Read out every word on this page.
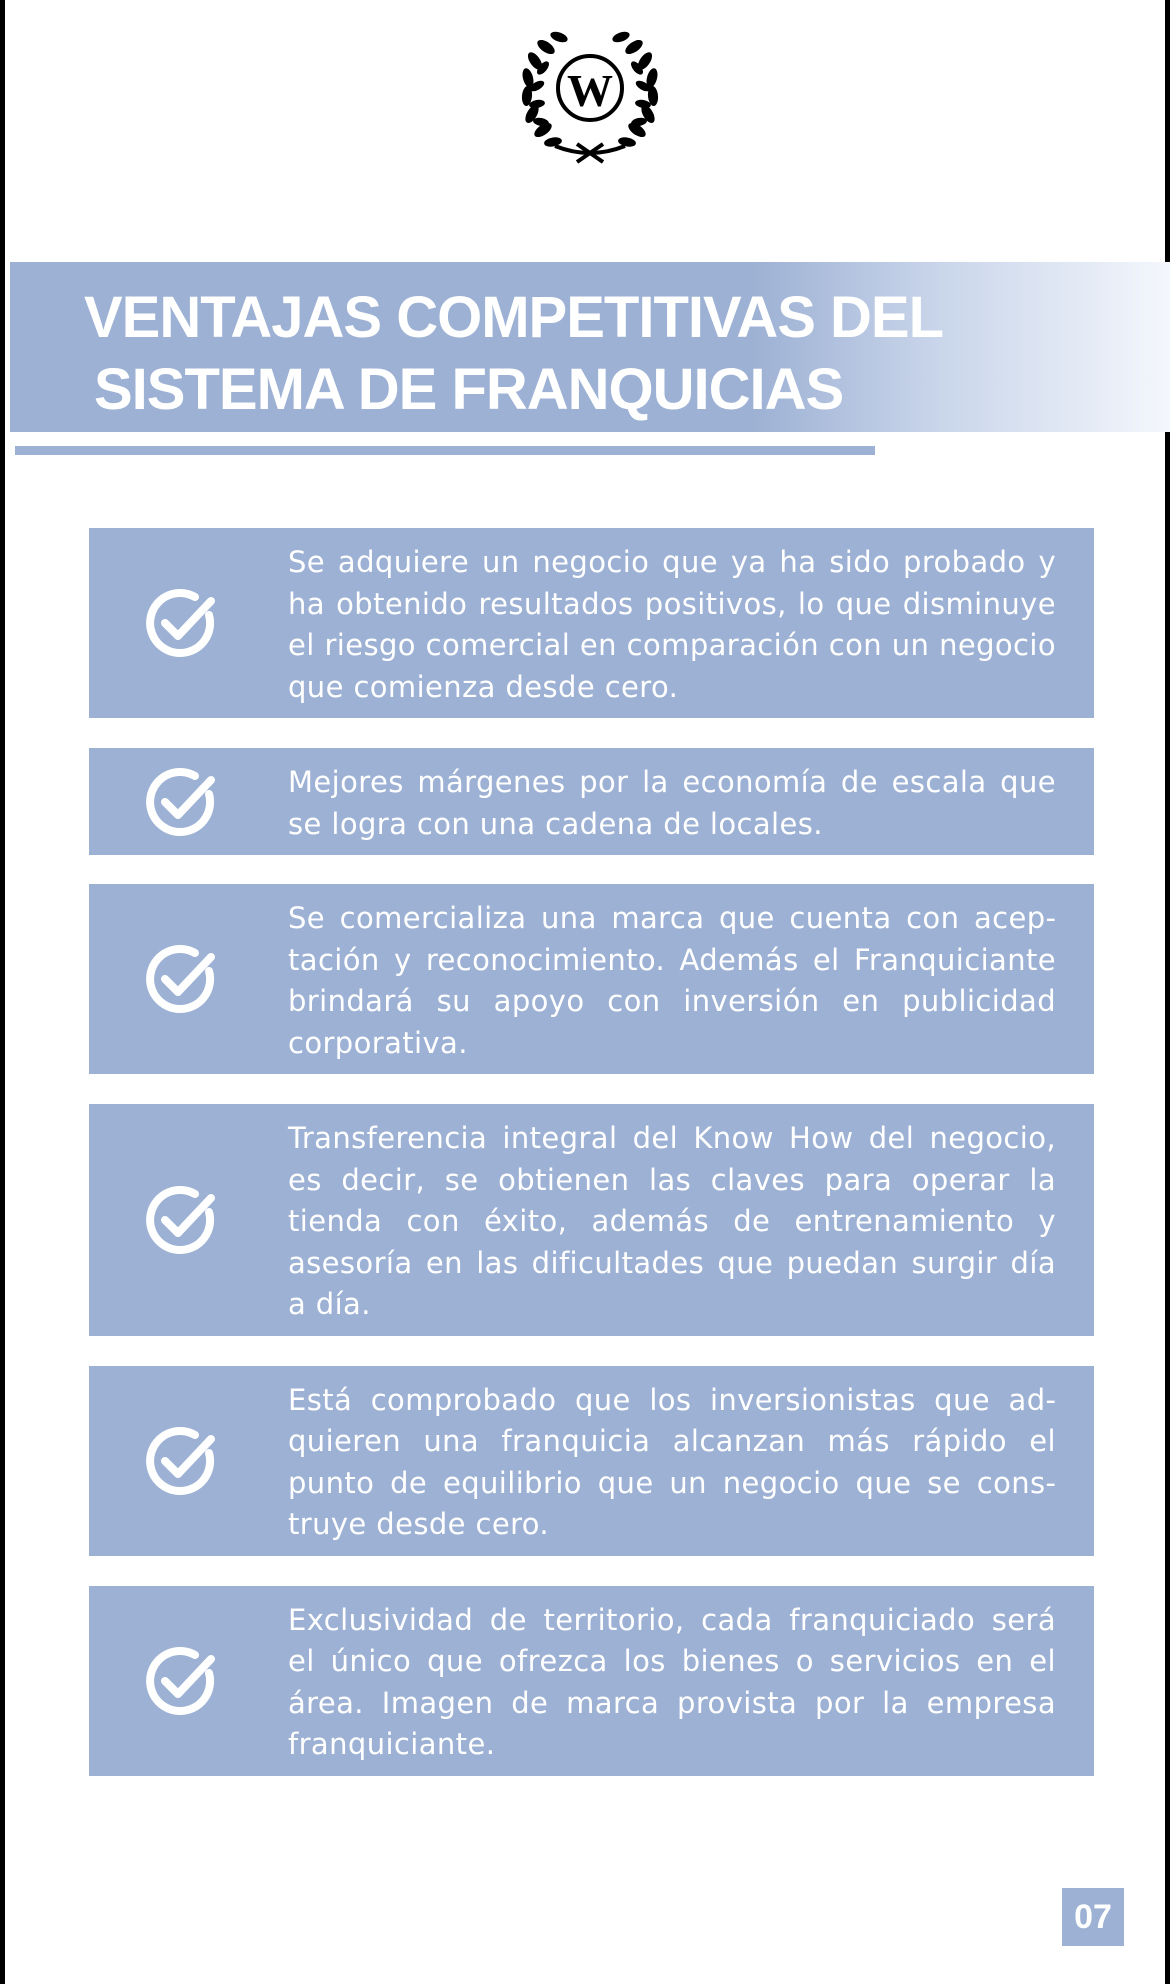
W
VENTAJAS COMPETITIVAS DEL
SISTEMA DE FRANQUICIAS
Se adquiere un negocio que ya ha sido probado y ha obtenido resultados positivos, lo que disminuye el riesgo comercial en comparación con un negocio que comienza desde cero.
Mejores márgenes por la economía de escala que se logra con una cadena de locales.
Se comercializa una marca que cuenta con aceptación y reconocimiento. Además el Franquiciante brindará su apoyo con inversión en publicidad corporativa.
Transferencia integral del Know How del negocio, es decir, se obtienen las claves para operar la tienda con éxito, además de entrenamiento y asesoría en las dificultades que puedan surgir día a día.
Está comprobado que los inversionistas que adquieren una franquicia alcanzan más rápido el punto de equilibrio que un negocio que se construye desde cero.
Exclusividad de territorio, cada franquiciado será el único que ofrezca los bienes o servicios en el área. Imagen de marca provista por la empresa franquiciante.
07
